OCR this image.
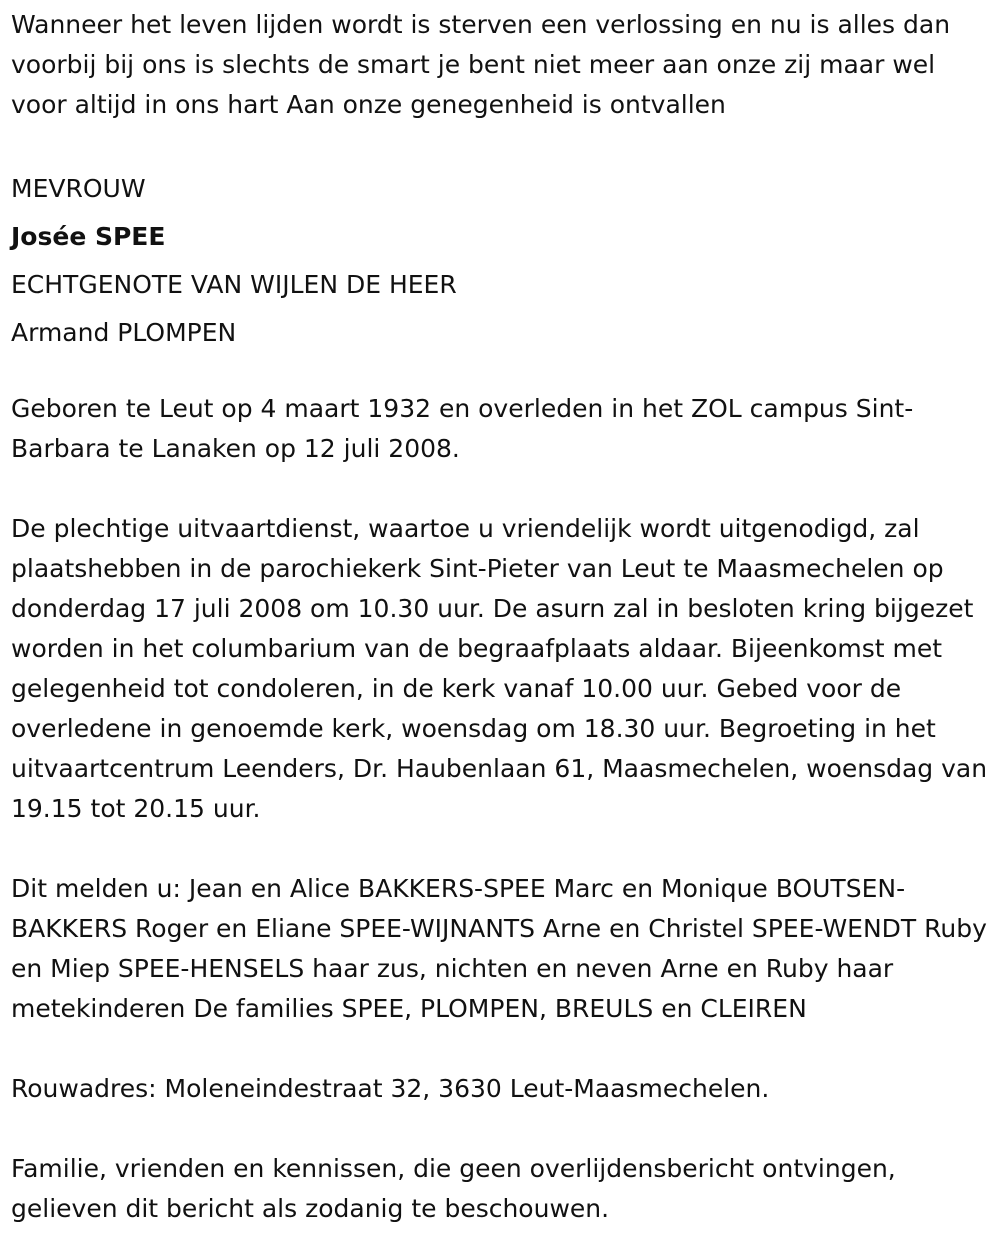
Wanneer het leven lijden wordt is sterven een verlossing en nu is alles dan voorbij bij ons is slechts de smart je bent niet meer aan onze zij maar wel voor altijd in ons hart Aan onze genegenheid is ontvallen

MEVROUW

Josée SPEE

ECHTGENOTE VAN WIJLEN DE HEER

Armand PLOMPEN

Geboren te Leut op 4 maart 1932 en overleden in het ZOL campus Sint-Barbara te Lanaken op 12 juli 2008.

De plechtige uitvaartdienst, waartoe u vriendelijk wordt uitgenodigd, zal plaatshebben in de parochiekerk Sint-Pieter van Leut te Maasmechelen op donderdag 17 juli 2008 om 10.30 uur. De asurn zal in besloten kring bijgezet worden in het columbarium van de begraafplaats aldaar. Bijeenkomst met gelegenheid tot condoleren, in de kerk vanaf 10.00 uur. Gebed voor de overledene in genoemde kerk, woensdag om 18.30 uur. Begroeting in het uitvaartcentrum Leenders, Dr. Haubenlaan 61, Maasmechelen, woensdag van 19.15 tot 20.15 uur.

Dit melden u: Jean en Alice BAKKERS-SPEE Marc en Monique BOUTSEN-BAKKERS Roger en Eliane SPEE-WIJNANTS Arne en Christel SPEE-WENDT Ruby en Miep SPEE-HENSELS haar zus, nichten en neven Arne en Ruby haar metekinderen De families SPEE, PLOMPEN, BREULS en CLEIREN

Rouwadres: Moleneindestraat 32, 3630 Leut-Maasmechelen.

Familie, vrienden en kennissen, die geen overlijdensbericht ontvingen, gelieven dit bericht als zodanig te beschouwen.
